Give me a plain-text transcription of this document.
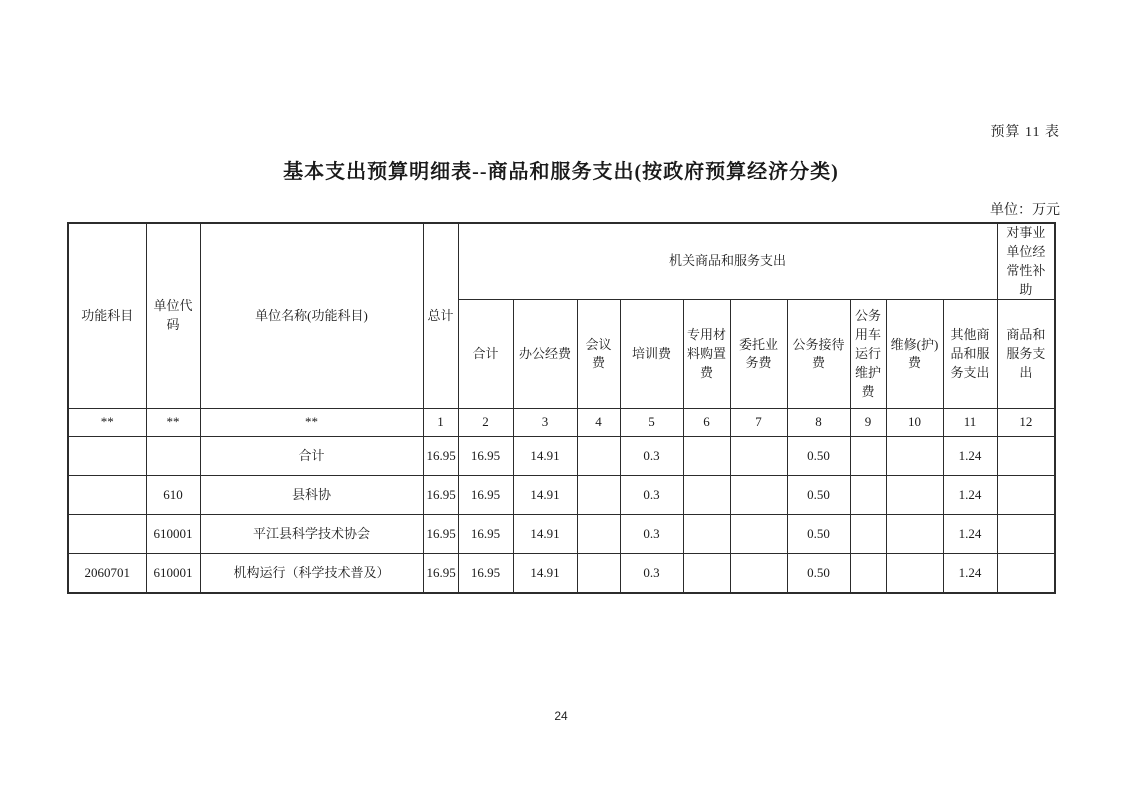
预算 11 表
基本支出预算明细表--商品和服务支出(按政府预算经济分类)
单位：万元
功能科目	单位代码	单位名称(功能科目)	总计	机关商品和服务支出										对事业单位经常性补助
				合计	办公经费	会议费	培训费	专用材料购置费	委托业务费	公务接待费	公务用车运行维护费	维修(护)费	其他商品和服务支出	商品和服务支出
**	**	**	1	2	3	4	5	6	7	8	9	10	11	12
		合计	16.95	16.95	14.91		0.3			0.50			1.24	
	610	县科协	16.95	16.95	14.91		0.3			0.50			1.24	
	610001	平江县科学技术协会	16.95	16.95	14.91		0.3			0.50			1.24	
2060701	610001	机构运行（科学技术普及）	16.95	16.95	14.91		0.3			0.50			1.24	
24
